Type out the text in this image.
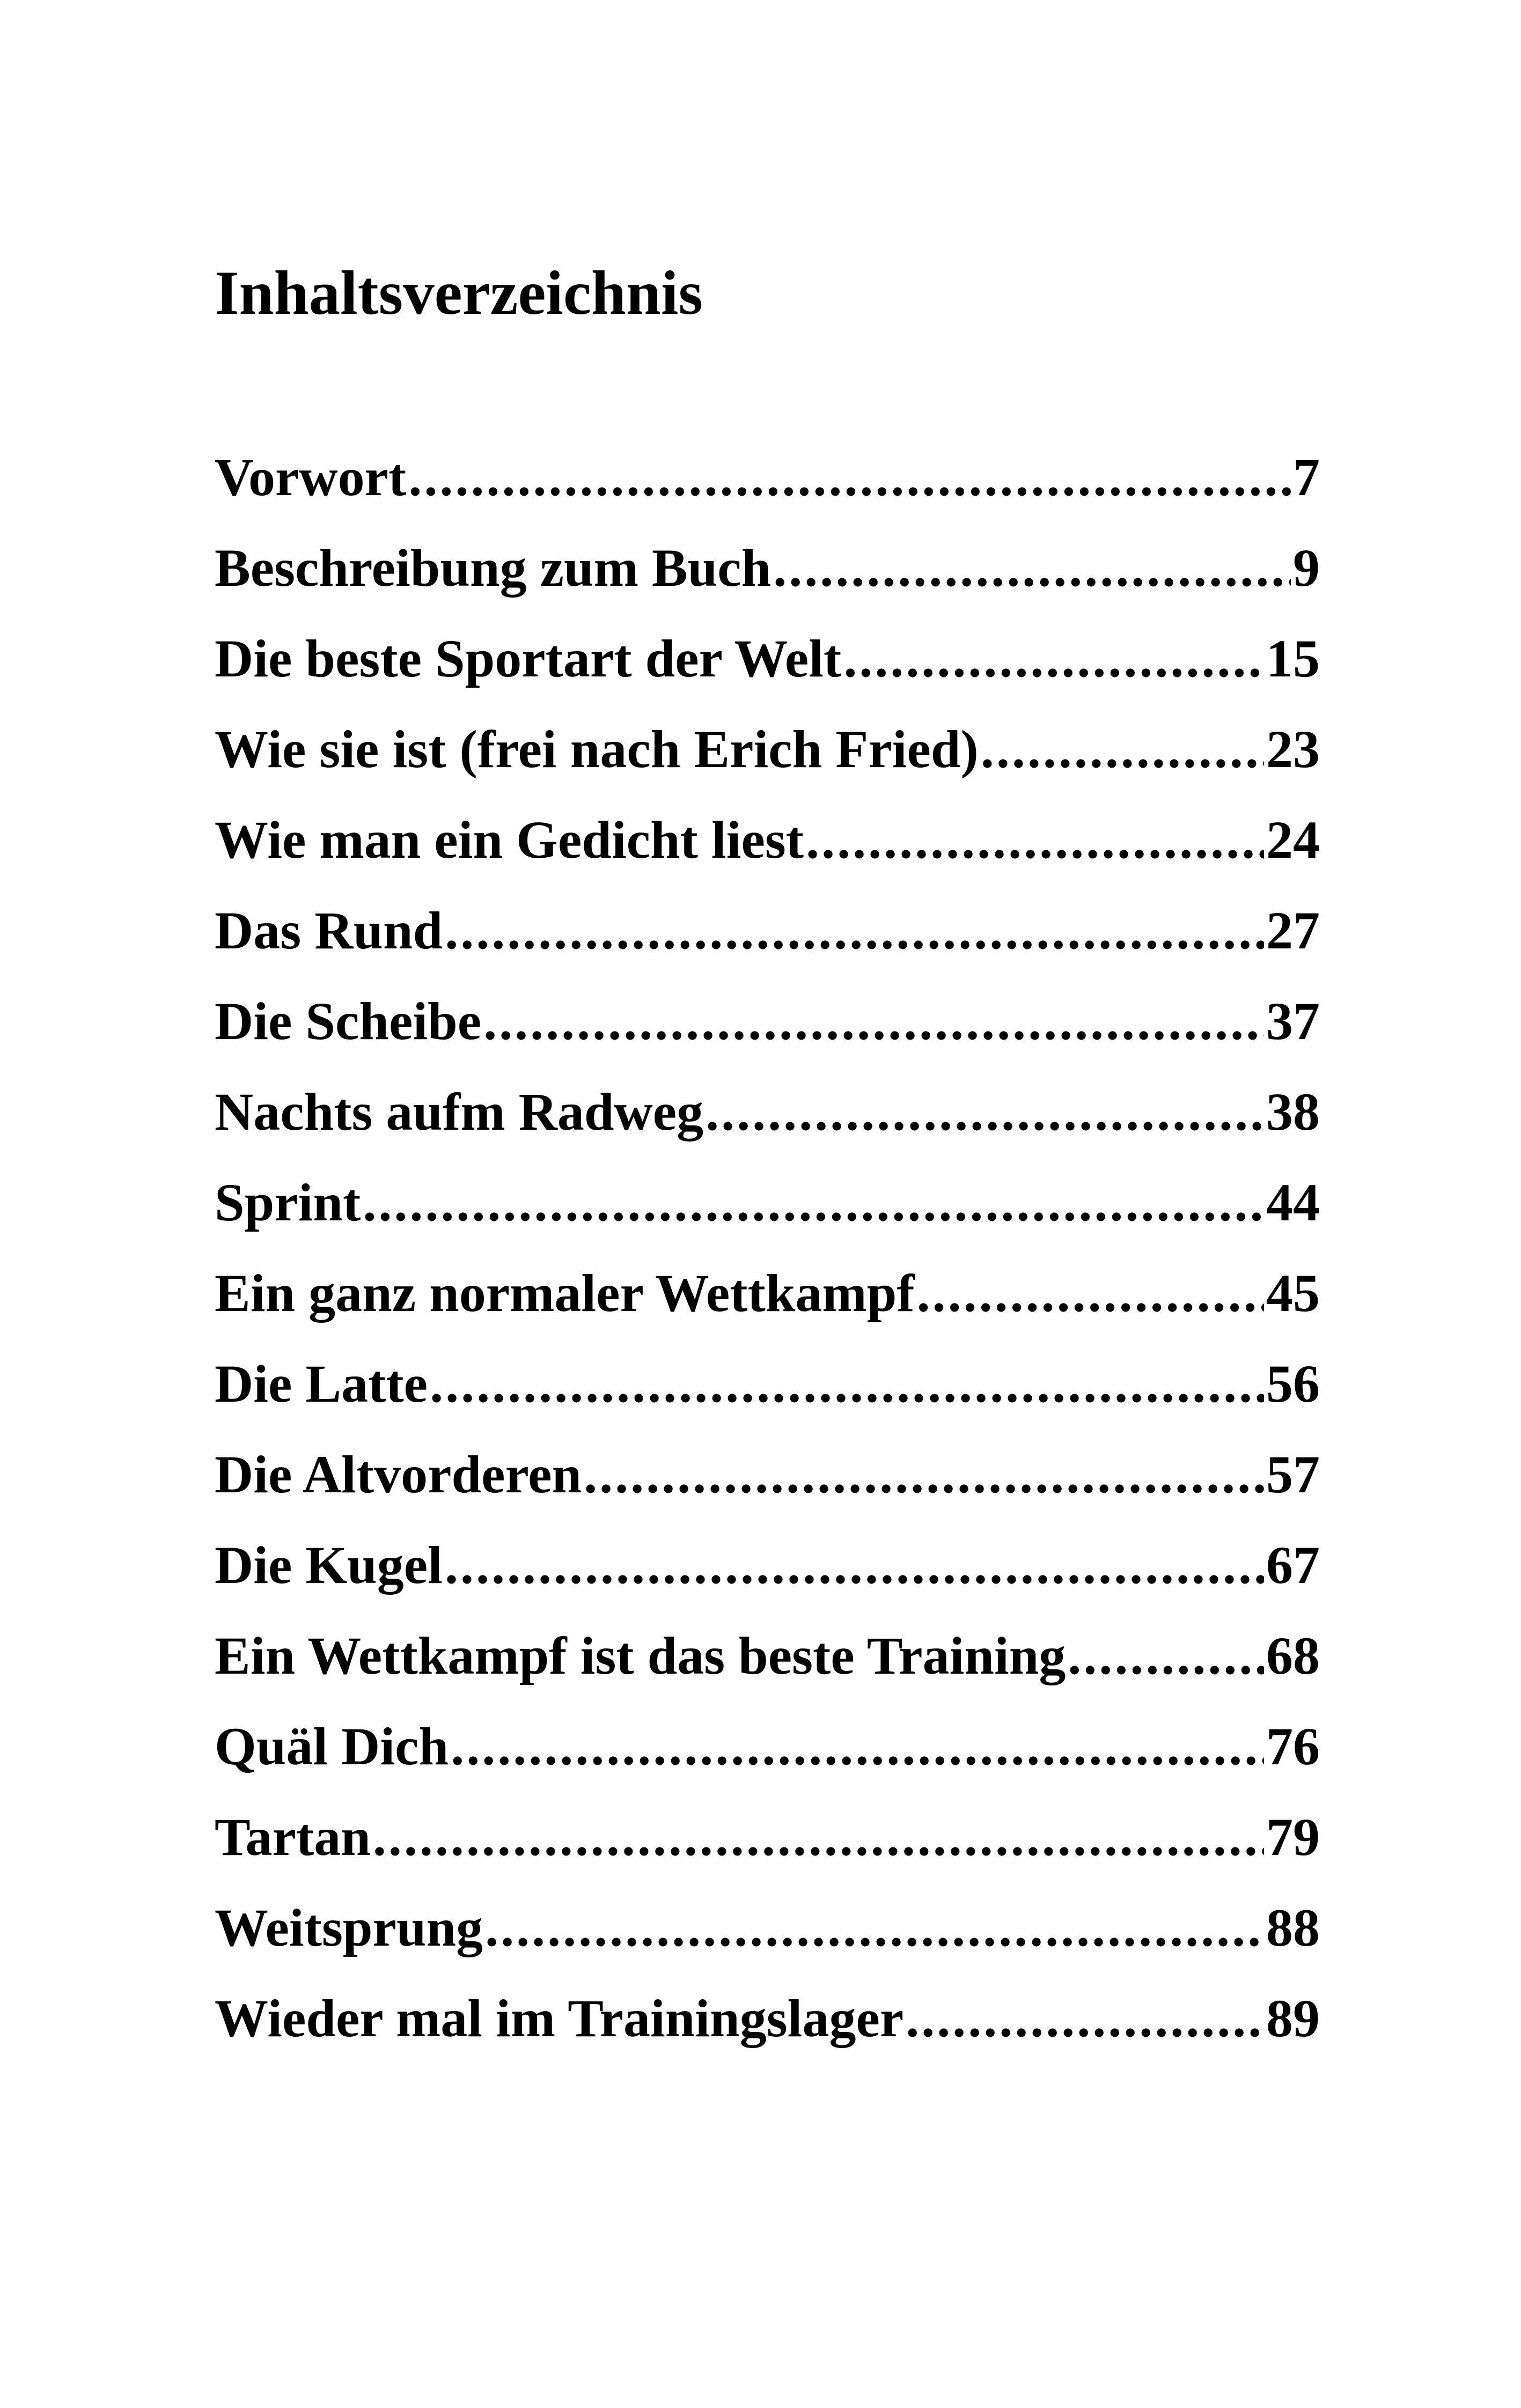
Inhaltsverzeichnis
Vorwort .....	7
Beschreibung zum Buch .....	9
Die beste Sportart der Welt .....	15
Wie sie ist (frei nach Erich Fried) .....	23
Wie man ein Gedicht liest .....	24
Das Rund .....	27
Die Scheibe .....	37
Nachts aufm Radweg .....	38
Sprint .....	44
Ein ganz normaler Wettkampf .....	45
Die Latte .....	56
Die Altvorderen .....	57
Die Kugel .....	67
Ein Wettkampf ist das beste Training .....	68
Quäl Dich .....	76
Tartan .....	79
Weitsprung .....	88
Wieder mal im Trainingslager .....	89
